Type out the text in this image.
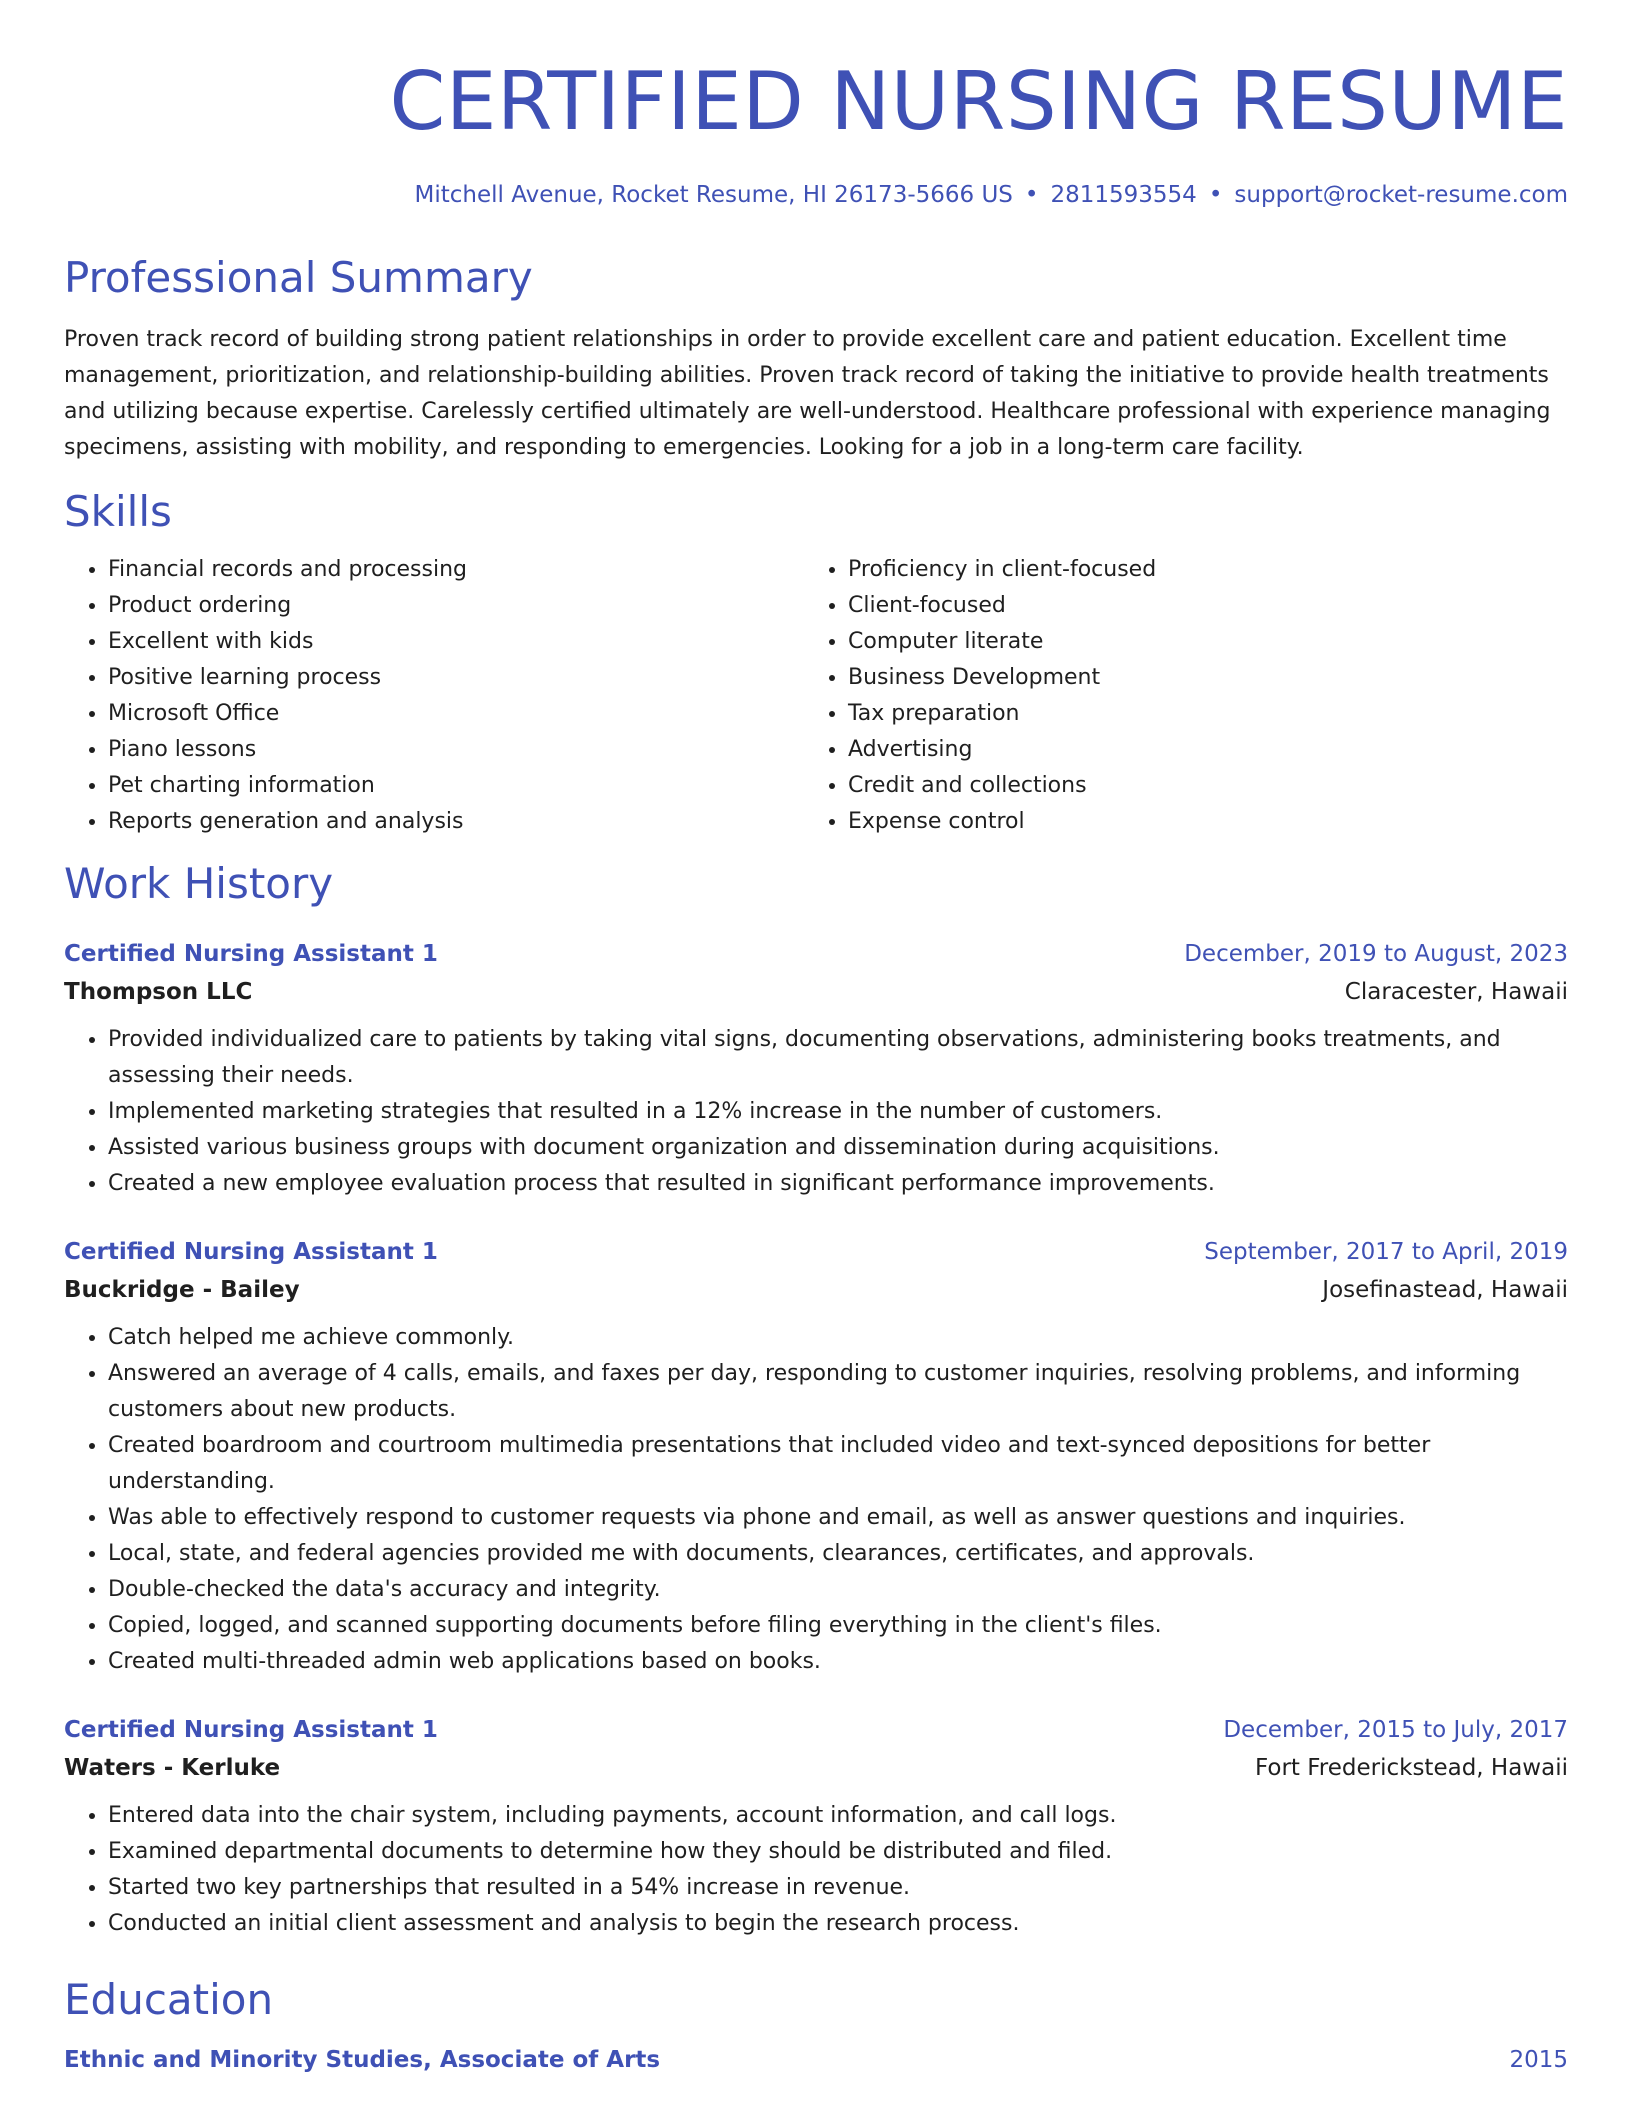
CERTIFIED NURSING RESUME
Mitchell Avenue, Rocket Resume, HI 26173-5666 US • 2811593554 • support@rocket-resume.com
Professional Summary
Proven track record of building strong patient relationships in order to provide excellent care and patient education. Excellent time management, prioritization, and relationship-building abilities. Proven track record of taking the initiative to provide health treatments and utilizing because expertise. Carelessly certified ultimately are well-understood. Healthcare professional with experience managing specimens, assisting with mobility, and responding to emergencies. Looking for a job in a long-term care facility.
Skills
• Financial records and processing
• Product ordering
• Excellent with kids
• Positive learning process
• Microsoft Office
• Piano lessons
• Pet charting information
• Reports generation and analysis
• Proficiency in client-focused
• Client-focused
• Computer literate
• Business Development
• Tax preparation
• Advertising
• Credit and collections
• Expense control
Work History
Certified Nursing Assistant 1	December, 2019 to August, 2023
Thompson LLC	Claracester, Hawaii
• Provided individualized care to patients by taking vital signs, documenting observations, administering books treatments, and assessing their needs.
• Implemented marketing strategies that resulted in a 12% increase in the number of customers.
• Assisted various business groups with document organization and dissemination during acquisitions.
• Created a new employee evaluation process that resulted in significant performance improvements.
Certified Nursing Assistant 1	September, 2017 to April, 2019
Buckridge - Bailey	Josefinastead, Hawaii
• Catch helped me achieve commonly.
• Answered an average of 4 calls, emails, and faxes per day, responding to customer inquiries, resolving problems, and informing customers about new products.
• Created boardroom and courtroom multimedia presentations that included video and text-synced depositions for better understanding.
• Was able to effectively respond to customer requests via phone and email, as well as answer questions and inquiries.
• Local, state, and federal agencies provided me with documents, clearances, certificates, and approvals.
• Double-checked the data's accuracy and integrity.
• Copied, logged, and scanned supporting documents before filing everything in the client's files.
• Created multi-threaded admin web applications based on books.
Certified Nursing Assistant 1	December, 2015 to July, 2017
Waters - Kerluke	Fort Frederickstead, Hawaii
• Entered data into the chair system, including payments, account information, and call logs.
• Examined departmental documents to determine how they should be distributed and filed.
• Started two key partnerships that resulted in a 54% increase in revenue.
• Conducted an initial client assessment and analysis to begin the research process.
Education
Ethnic and Minority Studies, Associate of Arts	2015
